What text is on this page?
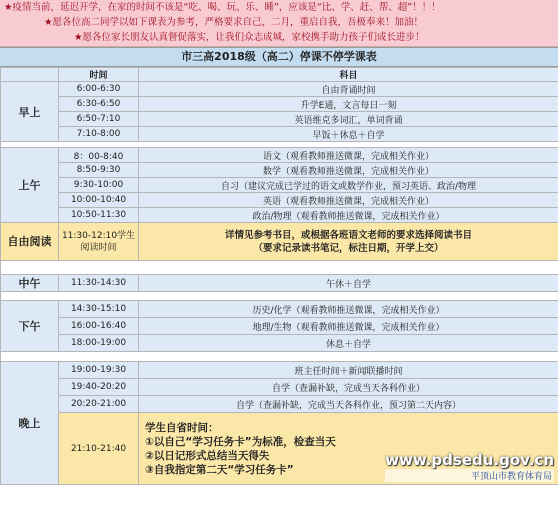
★疫情当前，延迟开学，在家的时间不该是“吃、喝、玩、乐、睡”，应该是“比、学、赶、帮、超”！！！
★愿各位高二同学以如下课表为参考，严格要求自己，二月，重启自我，吾极奉来！加油！
★愿各位家长朋友认真督促落实，让我们众志成城，家校携手助力孩子们成长进步！
市三高2018级（高二）停课不停学课表
	时间	科目
早上	6:00-6:30	自由背诵时间
	6:30-6:50	升学E通，文言每日一刻
	6:50-7:10	英语维克多词汇，单词背诵
	7:10-8:00	早饭＋休息＋自学

上午	8：00-8:40	语文（观看教师推送微课，完成相关作业）
	8:50-9:30	数学（观看教师推送微课，完成相关作业）
	9:30-10:00	自习（建议完成已学过的语文或数学作业，预习英语、政治/物理
	10:00-10:40	英语（观看教师推送微课，完成相关作业）
	10:50-11:30	政治/物理（观看教师推送微课，完成相关作业）
自由阅读	11:30-12:10学生阅读时间	详情见参考书目，或根据各班语文老师的要求选择阅读书目
（要求记录读书笔记，标注日期，开学上交）

中午	11:30-14:30	午休＋自学

下午	14:30-15:10	历史/化学（观看教师推送微课，完成相关作业）
	16:00-16:40	地理/生物（观看教师推送微课，完成相关作业）
	18:00-19:00	休息＋自学

晚上	19:00-19:30	班主任时间＋新闻联播时间
	19:40-20:20	自学（查漏补缺，完成当天各科作业）
	20:20-21:00	自学（查漏补缺，完成当天各科作业，预习第二天内容）
	21:10-21:40	学生自省时间：
①以自己“学习任务卡”为标准，检查当天
②以日记形式总结当天得失
③自我指定第二天“学习任务卡”
www.pdsedu.gov.cn
平顶山市教育体育局
